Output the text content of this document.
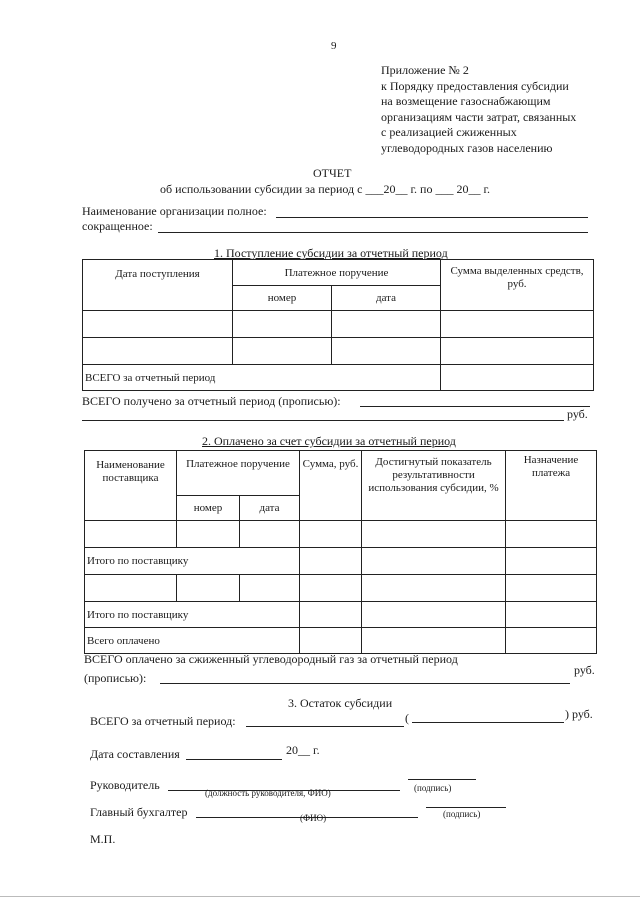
9
Приложение № 2
к Порядку предоставления субсидии
на возмещение газоснабжающим
организациям части затрат, связанных
с реализацией сжиженных
углеводородных газов населению
ОТЧЕТ
об использовании субсидии за период с ___20__ г. по ___ 20__ г.
Наименование организации полное:
сокращенное:
1. Поступление субсидии за отчетный период
Дата поступления	Платежное поручение		Сумма выделенных средств, руб.
	номер	дата	

ВСЕГО за отчетный период			
ВСЕГО получено за отчетный период (прописью):
руб.
2. Оплачено за счет субсидии за отчетный период
Наименование поставщика	Платежное поручение		Сумма, руб.	Достигнутый показатель результативности использования субсидии, %	Назначение платежа
	номер	дата			

Итого по поставщику					

Итого по поставщику					
Всего оплачено					
ВСЕГО оплачено за сжиженный углеводородный газ за отчетный период
(прописью):
руб.
3. Остаток субсидии
ВСЕГО за отчетный период:	(	) руб.
Дата составления	20__ г.
Руководитель
(должность руководителя, ФИО)	(подпись)
Главный бухгалтер	(ФИО)	(подпись)
М.П.
